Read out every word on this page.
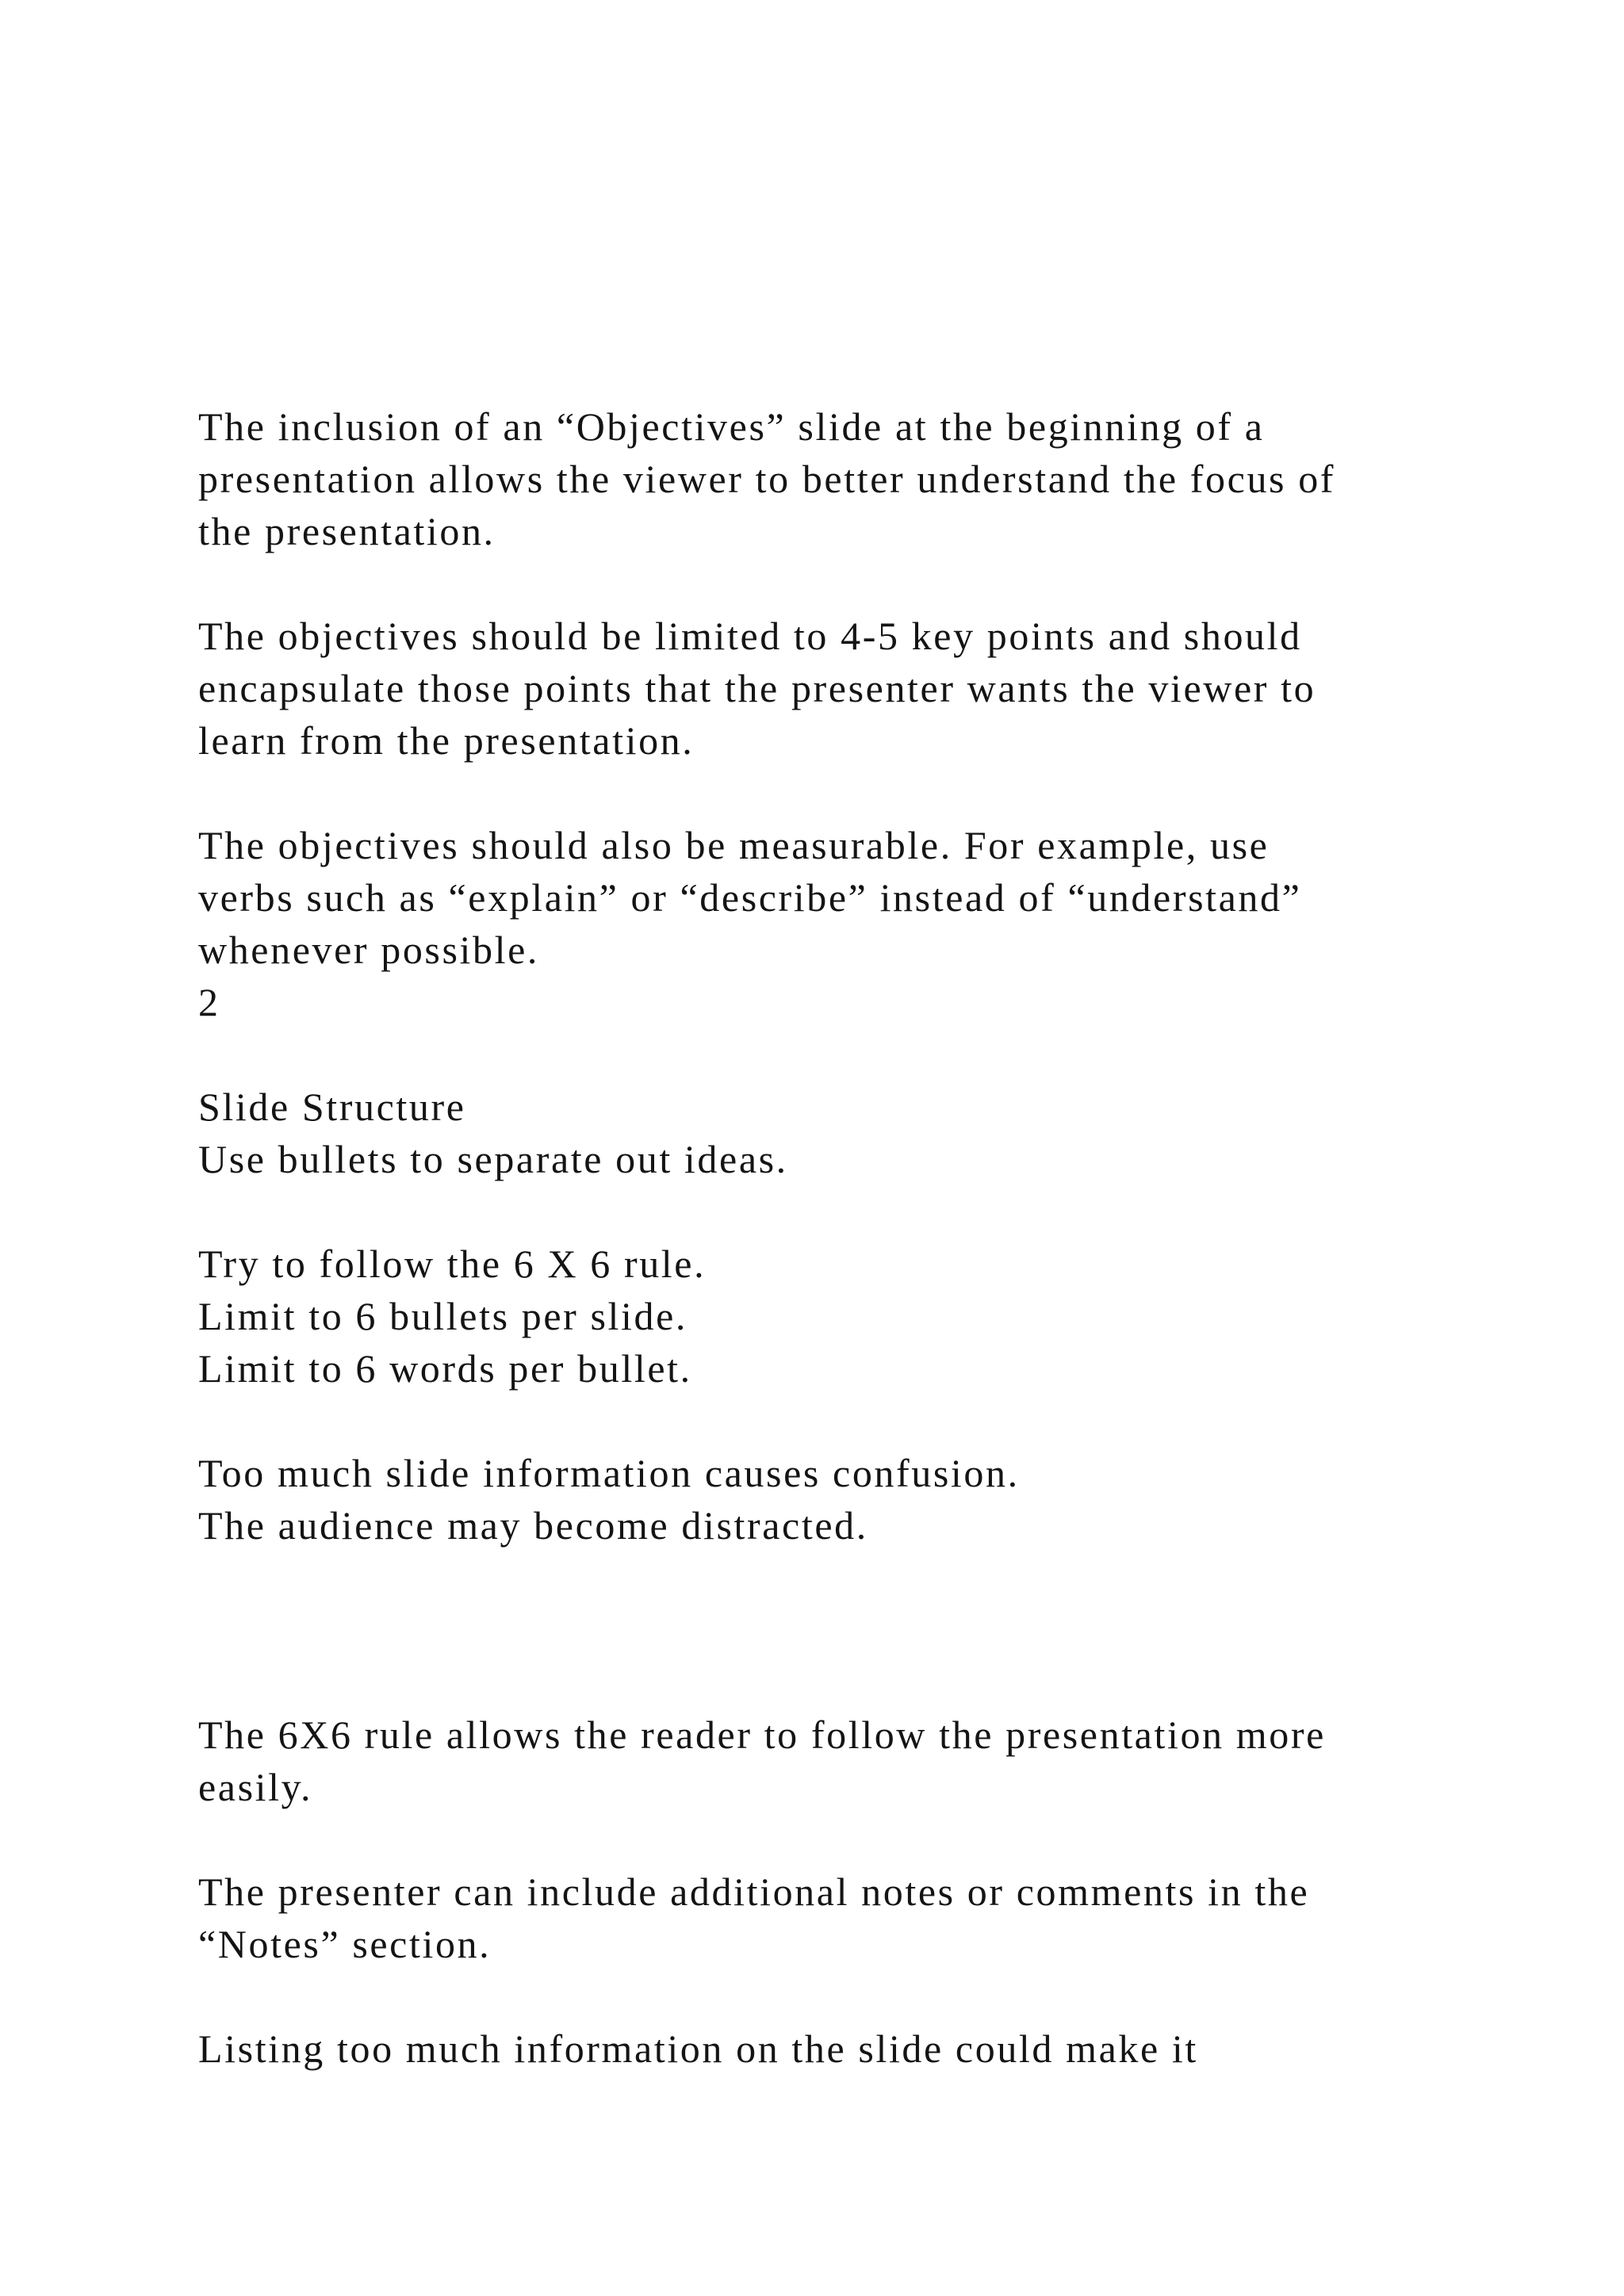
The inclusion of an “Objectives” slide at the beginning of a
presentation allows the viewer to better understand the focus of
the presentation.
The objectives should be limited to 4-5 key points and should
encapsulate those points that the presenter wants the viewer to
learn from the presentation.
The objectives should also be measurable. For example, use
verbs such as “explain” or “describe” instead of “understand”
whenever possible.
2
Slide Structure
Use bullets to separate out ideas.
Try to follow the 6 X 6 rule.
Limit to 6 bullets per slide.
Limit to 6 words per bullet.
Too much slide information causes confusion.
The audience may become distracted.
The 6X6 rule allows the reader to follow the presentation more
easily.
The presenter can include additional notes or comments in the
“Notes” section.
Listing too much information on the slide could make it
